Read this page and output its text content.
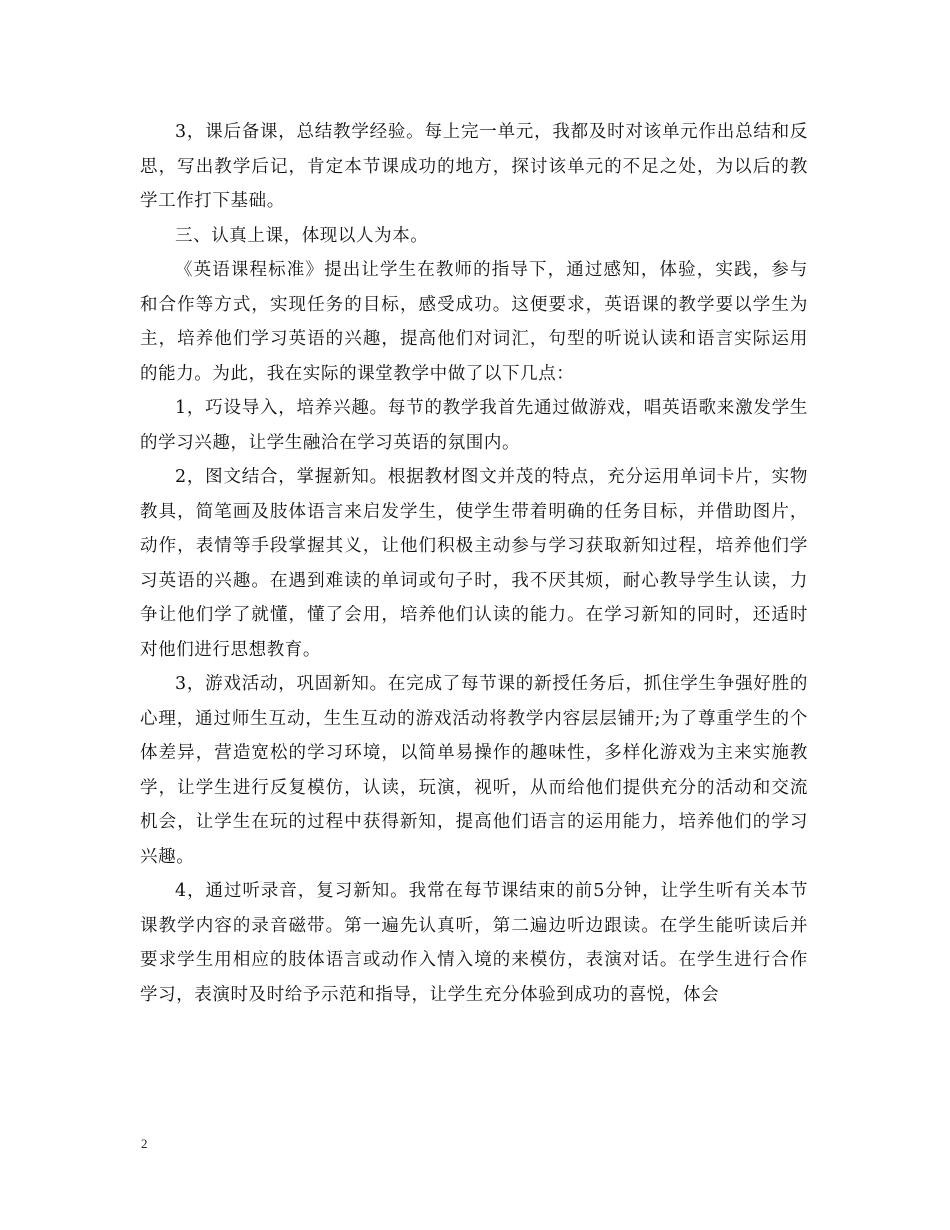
3，课后备课，总结教学经验。每上完一单元，我都及时对该单元作出总结和反思，写出教学后记，肯定本节课成功的地方，探讨该单元的不足之处，为以后的教学工作打下基础。

三、认真上课，体现以人为本。

《英语课程标准》提出让学生在教师的指导下，通过感知，体验，实践，参与和合作等方式，实现任务的目标，感受成功。这便要求，英语课的教学要以学生为主，培养他们学习英语的兴趣，提高他们对词汇，句型的听说认读和语言实际运用的能力。为此，我在实际的课堂教学中做了以下几点：

1，巧设导入，培养兴趣。每节的教学我首先通过做游戏，唱英语歌来激发学生的学习兴趣，让学生融洽在学习英语的氛围内。

2，图文结合，掌握新知。根据教材图文并茂的特点，充分运用单词卡片，实物教具，简笔画及肢体语言来启发学生，使学生带着明确的任务目标，并借助图片，动作，表情等手段掌握其义，让他们积极主动参与学习获取新知过程，培养他们学习英语的兴趣。在遇到难读的单词或句子时，我不厌其烦，耐心教导学生认读，力争让他们学了就懂，懂了会用，培养他们认读的能力。在学习新知的同时，还适时对他们进行思想教育。

3，游戏活动，巩固新知。在完成了每节课的新授任务后，抓住学生争强好胜的心理，通过师生互动，生生互动的游戏活动将教学内容层层铺开;为了尊重学生的个体差异，营造宽松的学习环境，以简单易操作的趣味性，多样化游戏为主来实施教学，让学生进行反复模仿，认读，玩演，视听，从而给他们提供充分的活动和交流机会，让学生在玩的过程中获得新知，提高他们语言的运用能力，培养他们的学习兴趣。

4，通过听录音，复习新知。我常在每节课结束的前5分钟，让学生听有关本节课教学内容的录音磁带。第一遍先认真听，第二遍边听边跟读。在学生能听读后并要求学生用相应的肢体语言或动作入情入境的来模仿，表演对话。在学生进行合作学习，表演时及时给予示范和指导，让学生充分体验到成功的喜悦，体会

2
